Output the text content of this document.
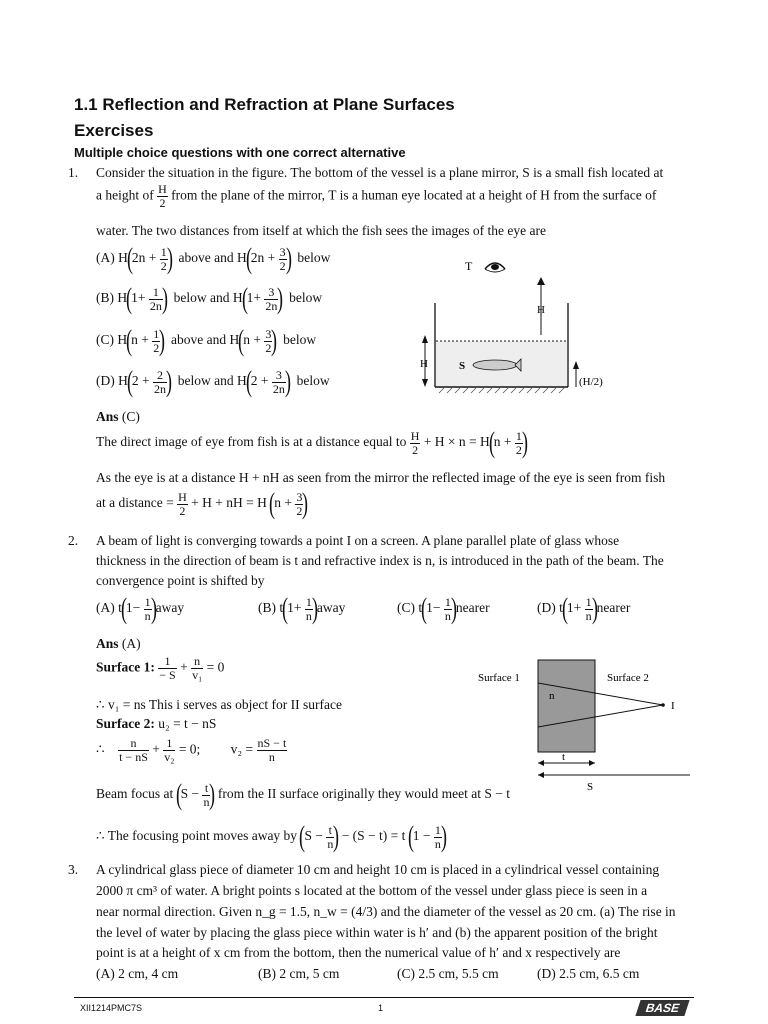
1.1 Reflection and Refraction at Plane Surfaces
Exercises
Multiple choice questions with one correct alternative
1. Consider the situation in the figure. The bottom of the vessel is a plane mirror, S is a small fish located at
a height of $\frac{H}{2}$ from the plane of the mirror, T is a human eye located at a height of H from the surface of
water. The two distances from itself at which the fish sees the images of the eye are
(A) $H(2n + \frac{1}{2}$ ) above and $H(2n + \frac{3}{2}$ ) below
(B) $H(1+ \frac{1}{2n}$ ) below and $H(1+ \frac{3}{2n}$ ) below
(C) $H(n + \frac{1}{2}$ ) above and $H(n + \frac{3}{2}$ ) below
(D) $H(2 + \frac{2}{2n}$ ) below and $H(2 + \frac{3}{2n}$ ) below
T
H
S
H
(H/2)
Ans (C)
The direct image of eye from fish is at a distance equal to $\frac{H}{2} + H \times n = H(n + \frac{1}{2}$ )
As the eye is at a distance H + nH as seen from the mirror the reflected image of the eye is seen from fish
at a distance = $\frac{H}{2} + H$ + nH = H ($n + \frac{3}{2}$ )
2. A beam of light is converging towards a point I on a screen. A plane parallel plate of glass whose
thickness in the direction of beam is t and refractive index is n, is introduced in the path of the beam. The
convergence point is shifted by
(A) $t(1- \frac{1}{n}$ )away	(B) $t(1+ \frac{1}{n}$ )away	(C) $t(1- \frac{1}{n}$ )nearer	(D) $t(1+ \frac{1}{n}$ )nearer
Ans (A)
Surface 1: $\frac{1}{- S} + \frac{n}{\text{v₁}} = 0$
∴ v₁ = ns This i serves as object for II surface
Surface 2: u₂ = t − nS
∴ $\frac{n}{t - nS} + \frac{1}{\text{v₂}} = 0$;         $v_2 = \frac{nS - t}{n}$
Beam focus at ($S - \frac{t}{n}$ ) from the II surface originally they would meet at S − t
∴ The focusing point moves away by ($S - \frac{t}{n}$ ) − (S − t) = t ($1 - \frac{1}{n}$ )
Surface 1	Surface 2
n
I
t
S
3. A cylindrical glass piece of diameter 10 cm and height 10 cm is placed in a cylindrical vessel containing
2000 π cm³ of water. A bright points s located at the bottom of the vessel under glass piece is seen in a
near normal direction. Given n_g = 1.5, n_w = (4/3) and the diameter of the vessel as 20 cm. (a) The rise in
the level of water by placing the glass piece within water is h′ and (b) the apparent position of the bright
point is at a height of x cm from the bottom, then the numerical value of h′ and x respectively are
(A) 2 cm, 4 cm	(B) 2 cm, 5 cm	(C) 2.5 cm, 5.5 cm	(D) 2.5 cm, 6.5 cm
XII1214PMC7S	1	BASE
